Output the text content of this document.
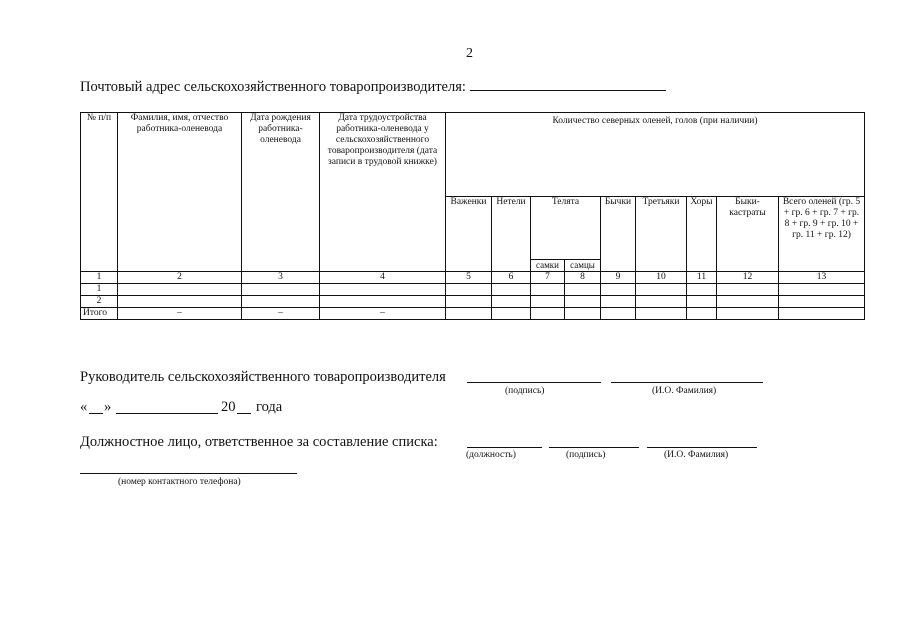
2
Почтовый адрес сельскохозяйственного товаропроизводителя:
№ п/п	Фамилия, имя, отчество работника-оленевода	Дата рождения работника-оленевода	Дата трудоустройства работника-оленевода у сельскохозяйственного товаропроизводителя (дата записи в трудовой книжке)	Количество северных оленей, голов (при наличии)								
				Важенки	Нетели	Телята		Бычки	Третьяки	Хоры	Быки-кастраты	Всего оленей (гр. 5 + гр. 6 + гр. 7 + гр. 8 + гр. 9 + гр. 10 + гр. 11 + гр. 12)
						самки	самцы					
1	2	3	4	5	6	7	8	9	10	11	12	13
1												
2												
Итого	–	–	–									
Руководитель сельскохозяйственного товаропроизводителя
(подпись)	(И.О. Фамилия)
« »	20 года
Должностное лицо, ответственное за составление списка:
(должность)	(подпись)	(И.О. Фамилия)
(номер контактного телефона)
